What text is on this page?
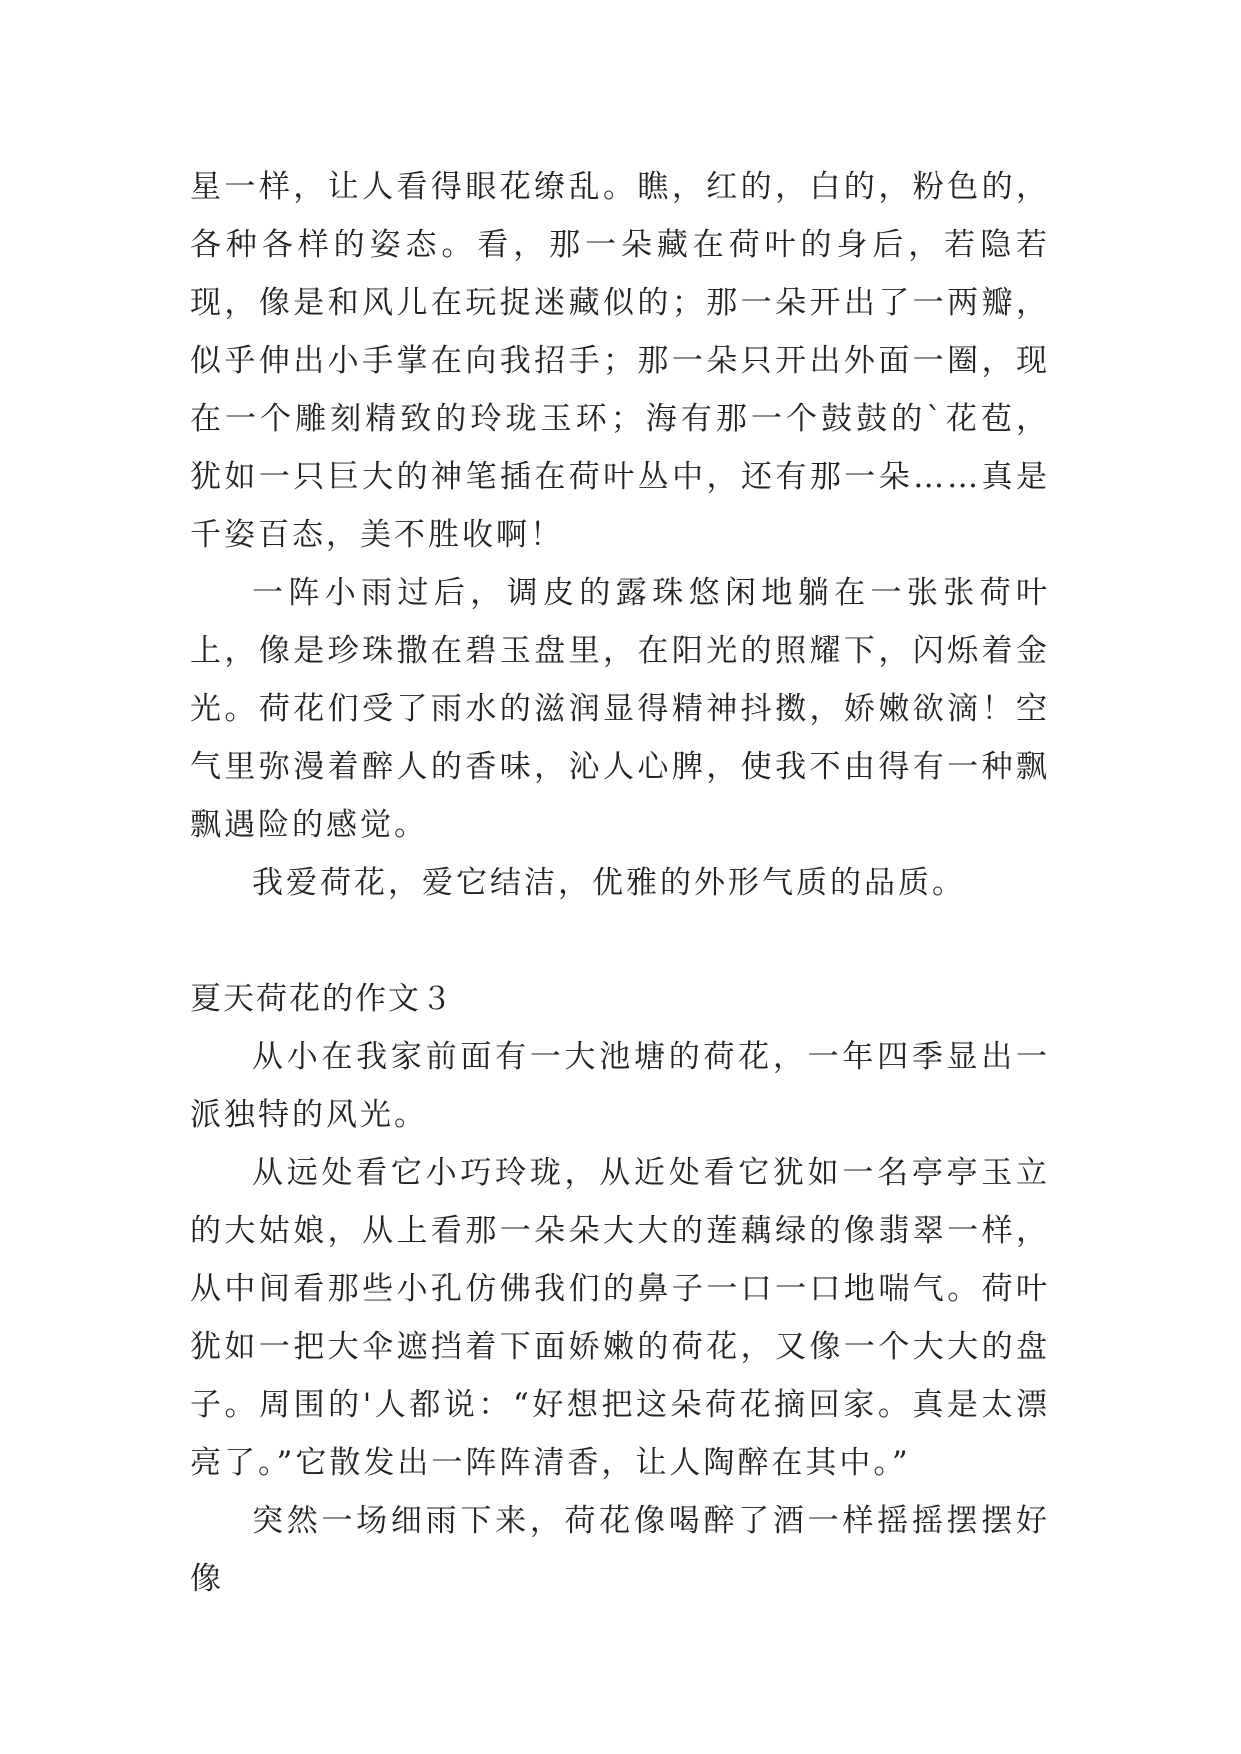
星一样，让人看得眼花缭乱。瞧，红的，白的，粉色的，各种各样的姿态。看，那一朵藏在荷叶的身后，若隐若现，像是和风儿在玩捉迷藏似的；那一朵开出了一两瓣，似乎伸出小手掌在向我招手；那一朵只开出外面一圈，现在一个雕刻精致的玲珑玉环；海有那一个鼓鼓的`花苞，犹如一只巨大的神笔插在荷叶丛中，还有那一朵……真是千姿百态，美不胜收啊！

一阵小雨过后，调皮的露珠悠闲地躺在一张张荷叶上，像是珍珠撒在碧玉盘里，在阳光的照耀下，闪烁着金光。荷花们受了雨水的滋润显得精神抖擞，娇嫩欲滴！空气里弥漫着醉人的香味，沁人心脾，使我不由得有一种飘飘遇险的感觉。

我爱荷花，爱它结洁，优雅的外形气质的品质。

夏天荷花的作文３

从小在我家前面有一大池塘的荷花，一年四季显出一派独特的风光。

从远处看它小巧玲珑，从近处看它犹如一名亭亭玉立的大姑娘，从上看那一朵朵大大的莲藕绿的像翡翠一样，从中间看那些小孔仿佛我们的鼻子一口一口地喘气。荷叶犹如一把大伞遮挡着下面娇嫩的荷花，又像一个大大的盘子。周围的'人都说：“好想把这朵荷花摘回家。真是太漂亮了。”它散发出一阵阵清香，让人陶醉在其中。”

突然一场细雨下来，荷花像喝醉了酒一样摇摇摆摆好像
